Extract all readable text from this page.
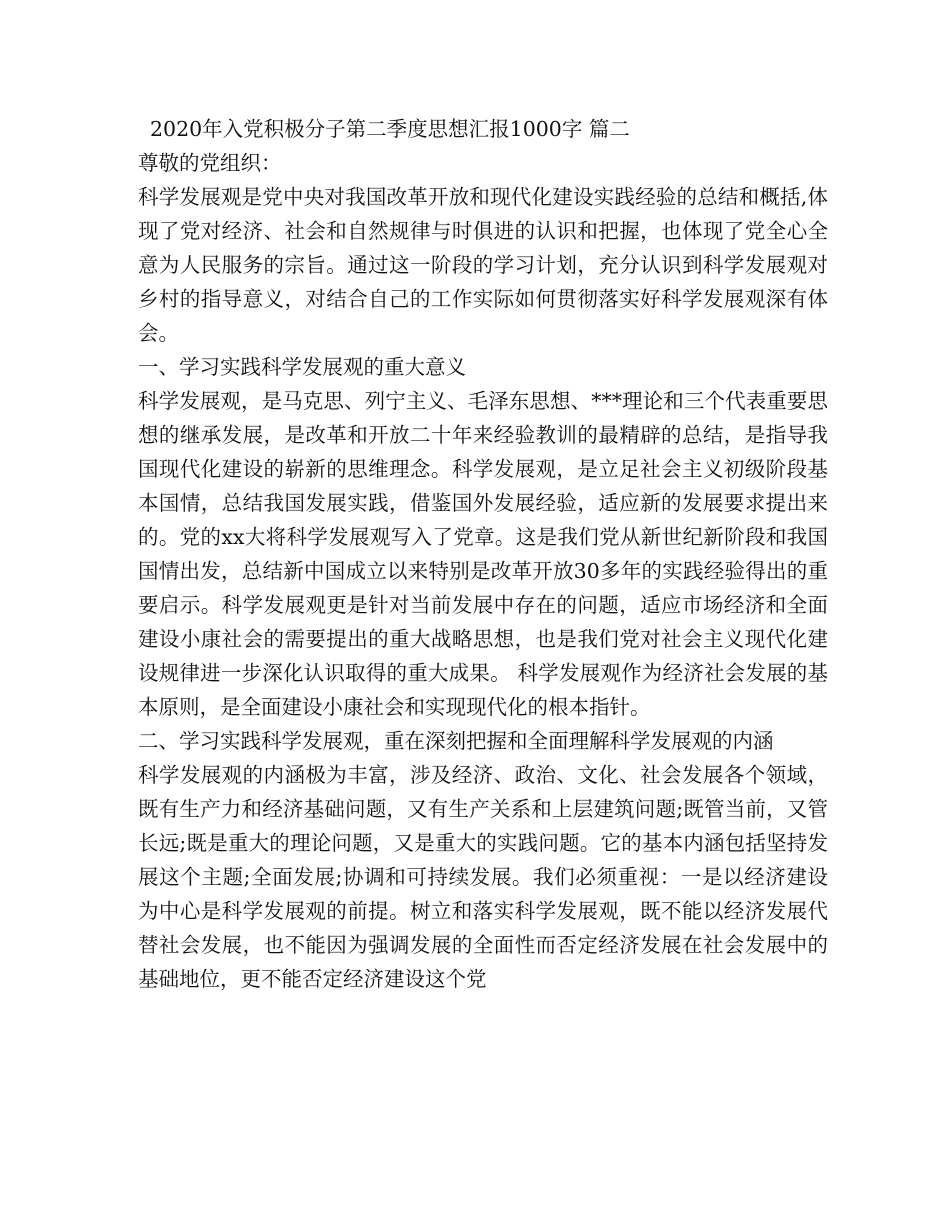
2020年入党积极分子第二季度思想汇报1000字 篇二

尊敬的党组织：

科学发展观是党中央对我国改革开放和现代化建设实践经验的总结和概括,体现了党对经济、社会和自然规律与时俱进的认识和把握，也体现了党全心全意为人民服务的宗旨。通过这一阶段的学习计划，充分认识到科学发展观对乡村的指导意义，对结合自己的工作实际如何贯彻落实好科学发展观深有体会。

一、学习实践科学发展观的重大意义

科学发展观，是马克思、列宁主义、毛泽东思想、***理论和三个代表重要思想的继承发展，是改革和开放二十年来经验教训的最精辟的总结，是指导我国现代化建设的崭新的思维理念。科学发展观，是立足社会主义初级阶段基本国情，总结我国发展实践，借鉴国外发展经验，适应新的发展要求提出来的。党的xx大将科学发展观写入了党章。这是我们党从新世纪新阶段和我国国情出发，总结新中国成立以来特别是改革开放30多年的实践经验得出的重要启示。科学发展观更是针对当前发展中存在的问题，适应市场经济和全面建设小康社会的需要提出的重大战略思想，也是我们党对社会主义现代化建设规律进一步深化认识取得的重大成果。 科学发展观作为经济社会发展的基本原则，是全面建设小康社会和实现现代化的根本指针。

二、学习实践科学发展观，重在深刻把握和全面理解科学发展观的内涵

科学发展观的内涵极为丰富，涉及经济、政治、文化、社会发展各个领域，既有生产力和经济基础问题，又有生产关系和上层建筑问题;既管当前，又管长远;既是重大的理论问题，又是重大的实践问题。它的基本内涵包括坚持发展这个主题;全面发展;协调和可持续发展。我们必须重视：一是以经济建设为中心是科学发展观的前提。树立和落实科学发展观，既不能以经济发展代替社会发展，也不能因为强调发展的全面性而否定经济发展在社会发展中的基础地位，更不能否定经济建设这个党
